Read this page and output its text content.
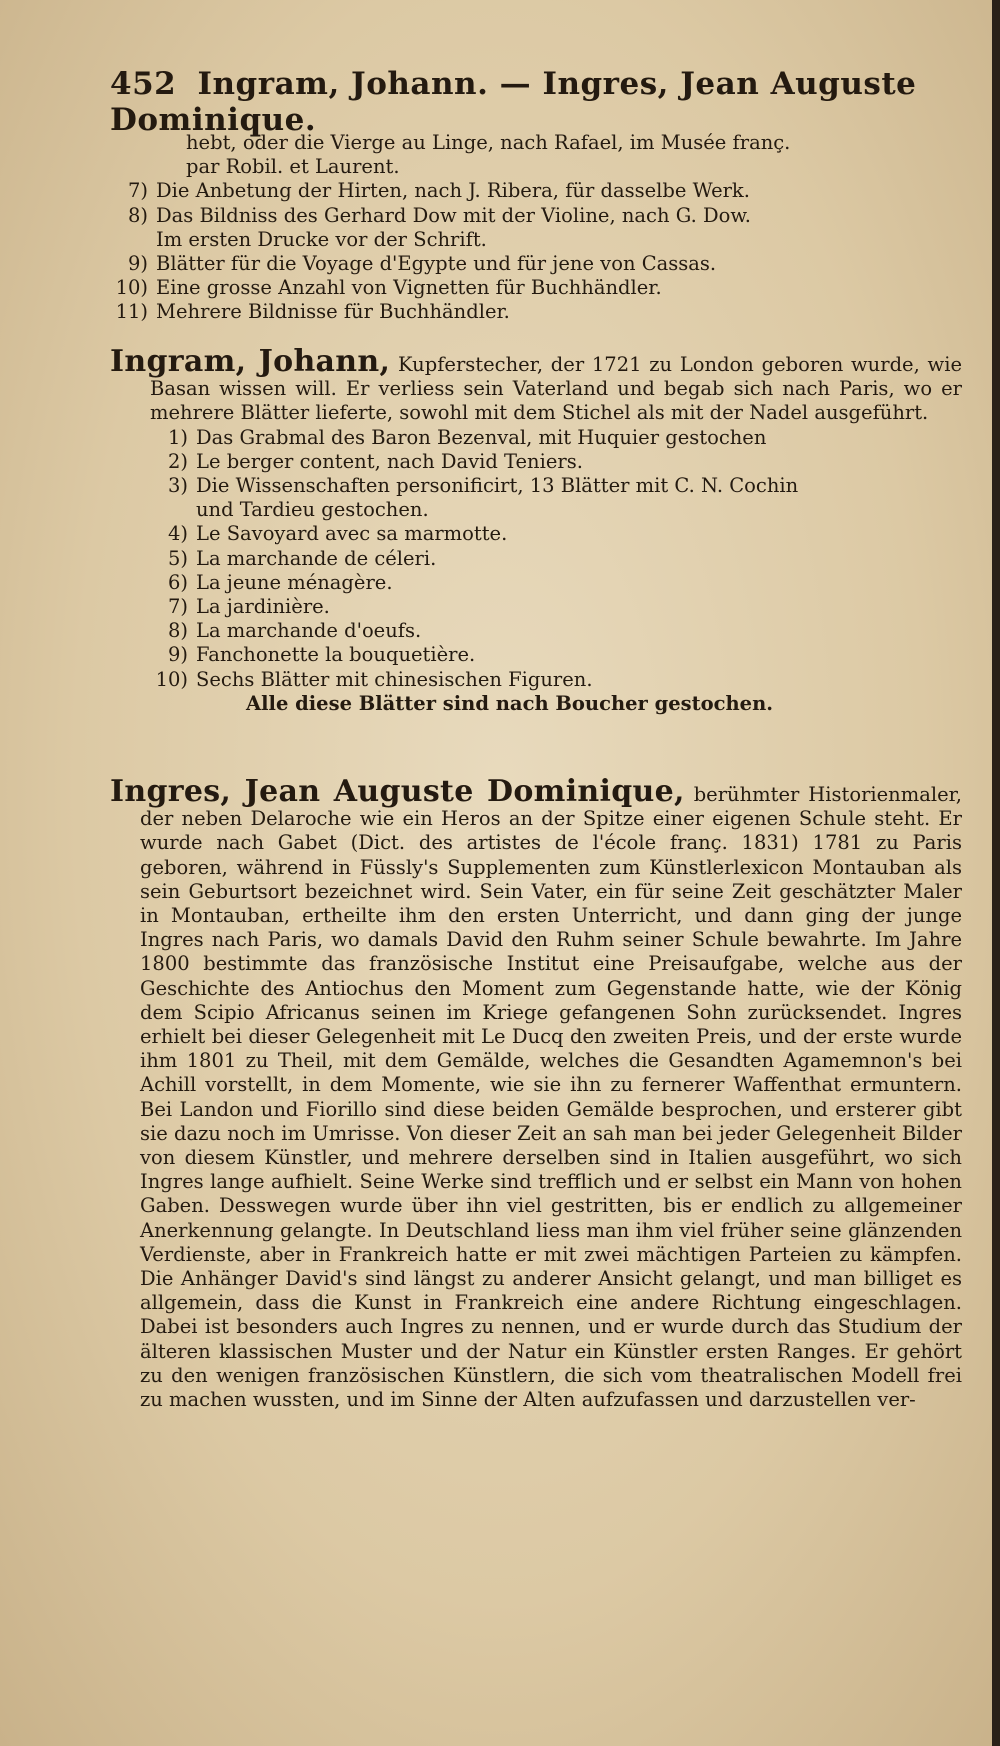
452 Ingram, Johann. — Ingres, Jean Auguste Dominique.
hebt, oder die Vierge au Linge, nach Rafael, im Musée franç.
par Robil. et Laurent.
7) Die Anbetung der Hirten, nach J. Ribera, für dasselbe Werk.
8) Das Bildniss des Gerhard Dow mit der Violine, nach G. Dow.
Im ersten Drucke vor der Schrift.
9) Blätter für die Voyage d'Egypte und für jene von Cassas.
10) Eine grosse Anzahl von Vignetten für Buchhändler.
11) Mehrere Bildnisse für Buchhändler.
Ingram, Johann, Kupferstecher, der 1721 zu London geboren wurde, wie Basan wissen will. Er verliess sein Vaterland und begab sich nach Paris, wo er mehrere Blätter lieferte, sowohl mit dem Stichel als mit der Nadel ausgeführt.
1) Das Grabmal des Baron Bezenval, mit Huquier gestochen
2) Le berger content, nach David Teniers.
3) Die Wissenschaften personificirt, 13 Blätter mit C. N. Cochin
und Tardieu gestochen.
4) Le Savoyard avec sa marmotte.
5) La marchande de céleri.
6) La jeune ménagère.
7) La jardinière.
8) La marchande d'oeufs.
9) Fanchonette la bouquetière.
10) Sechs Blätter mit chinesischen Figuren.
Alle diese Blätter sind nach Boucher gestochen.
Ingres, Jean Auguste Dominique, berühmter Historienmaler, der neben Delaroche wie ein Heros an der Spitze einer eigenen Schule steht. Er wurde nach Gabet (Dict. des artistes de l'école franç. 1831) 1781 zu Paris geboren, während in Füssly's Supplementen zum Künstlerlexicon Montauban als sein Geburtsort bezeichnet wird. Sein Vater, ein für seine Zeit geschätzter Maler in Montauban, ertheilte ihm den ersten Unterricht, und dann ging der junge Ingres nach Paris, wo damals David den Ruhm seiner Schule bewahrte. Im Jahre 1800 bestimmte das französische Institut eine Preisaufgabe, welche aus der Geschichte des Antiochus den Moment zum Gegenstande hatte, wie der König dem Scipio Africanus seinen im Kriege gefangenen Sohn zurücksendet. Ingres erhielt bei dieser Gelegenheit mit Le Ducq den zweiten Preis, und der erste wurde ihm 1801 zu Theil, mit dem Gemälde, welches die Gesandten Agamemnon's bei Achill vorstellt, in dem Momente, wie sie ihn zu fernerer Waffenthat ermuntern. Bei Landon und Fiorillo sind diese beiden Gemälde besprochen, und ersterer gibt sie dazu noch im Umrisse. Von dieser Zeit an sah man bei jeder Gelegenheit Bilder von diesem Künstler, und mehrere derselben sind in Italien ausgeführt, wo sich Ingres lange aufhielt. Seine Werke sind trefflich und er selbst ein Mann von hohen Gaben. Desswegen wurde über ihn viel gestritten, bis er endlich zu allgemeiner Anerkennung gelangte. In Deutschland liess man ihm viel früher seine glänzenden Verdienste, aber in Frankreich hatte er mit zwei mächtigen Parteien zu kämpfen. Die Anhänger David's sind längst zu anderer Ansicht gelangt, und man billiget es allgemein, dass die Kunst in Frankreich eine andere Richtung eingeschlagen. Dabei ist besonders auch Ingres zu nennen, und er wurde durch das Studium der älteren klassischen Muster und der Natur ein Künstler ersten Ranges. Er gehört zu den wenigen französischen Künstlern, die sich vom theatralischen Modell frei zu machen wussten, und im Sinne der Alten aufzufassen und darzustellen ver-
